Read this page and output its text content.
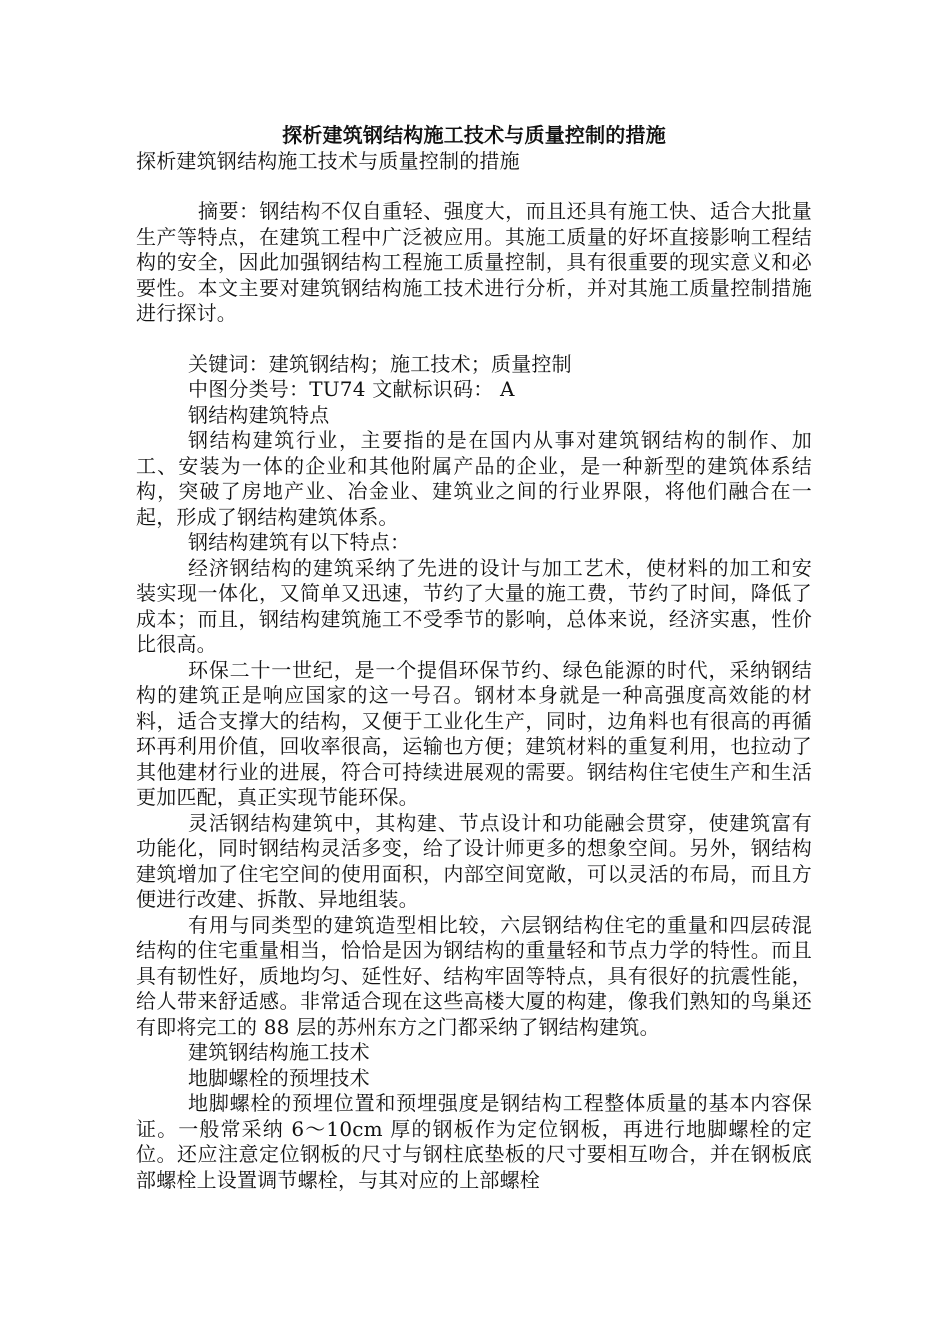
探析建筑钢结构施工技术与质量控制的措施

探析建筑钢结构施工技术与质量控制的措施

摘要：钢结构不仅自重轻、强度大，而且还具有施工快、适合大批量生产等特点，在建筑工程中广泛被应用。其施工质量的好坏直接影响工程结构的安全，因此加强钢结构工程施工质量控制，具有很重要的现实意义和必要性。本文主要对建筑钢结构施工技术进行分析，并对其施工质量控制措施进行探讨。

关键词：建筑钢结构；施工技术；质量控制

中图分类号：TU74 文献标识码： A

钢结构建筑特点

钢结构建筑行业，主要指的是在国内从事对建筑钢结构的制作、加工、安装为一体的企业和其他附属产品的企业，是一种新型的建筑体系结构，突破了房地产业、冶金业、建筑业之间的行业界限，将他们融合在一起，形成了钢结构建筑体系。

钢结构建筑有以下特点：

经济钢结构的建筑采纳了先进的设计与加工艺术，使材料的加工和安装实现一体化，又简单又迅速，节约了大量的施工费，节约了时间，降低了成本；而且，钢结构建筑施工不受季节的影响，总体来说，经济实惠，性价比很高。

环保二十一世纪，是一个提倡环保节约、绿色能源的时代，采纳钢结构的建筑正是响应国家的这一号召。钢材本身就是一种高强度高效能的材料，适合支撑大的结构，又便于工业化生产，同时，边角料也有很高的再循环再利用价值，回收率很高，运输也方便；建筑材料的重复利用，也拉动了其他建材行业的进展，符合可持续进展观的需要。钢结构住宅使生产和生活更加匹配，真正实现节能环保。

灵活钢结构建筑中，其构建、节点设计和功能融会贯穿，使建筑富有功能化，同时钢结构灵活多变，给了设计师更多的想象空间。另外，钢结构建筑增加了住宅空间的使用面积，内部空间宽敞，可以灵活的布局，而且方便进行改建、拆散、异地组装。

有用与同类型的建筑造型相比较，六层钢结构住宅的重量和四层砖混结构的住宅重量相当，恰恰是因为钢结构的重量轻和节点力学的特性。而且具有韧性好，质地均匀、延性好、结构牢固等特点，具有很好的抗震性能，给人带来舒适感。非常适合现在这些高楼大厦的构建，像我们熟知的鸟巢还有即将完工的 88 层的苏州东方之门都采纳了钢结构建筑。

建筑钢结构施工技术

地脚螺栓的预埋技术

地脚螺栓的预埋位置和预埋强度是钢结构工程整体质量的基本内容保证。一般常采纳 6～10cm 厚的钢板作为定位钢板，再进行地脚螺栓的定位。还应注意定位钢板的尺寸与钢柱底垫板的尺寸要相互吻合，并在钢板底部螺栓上设置调节螺栓，与其对应的上部螺栓
